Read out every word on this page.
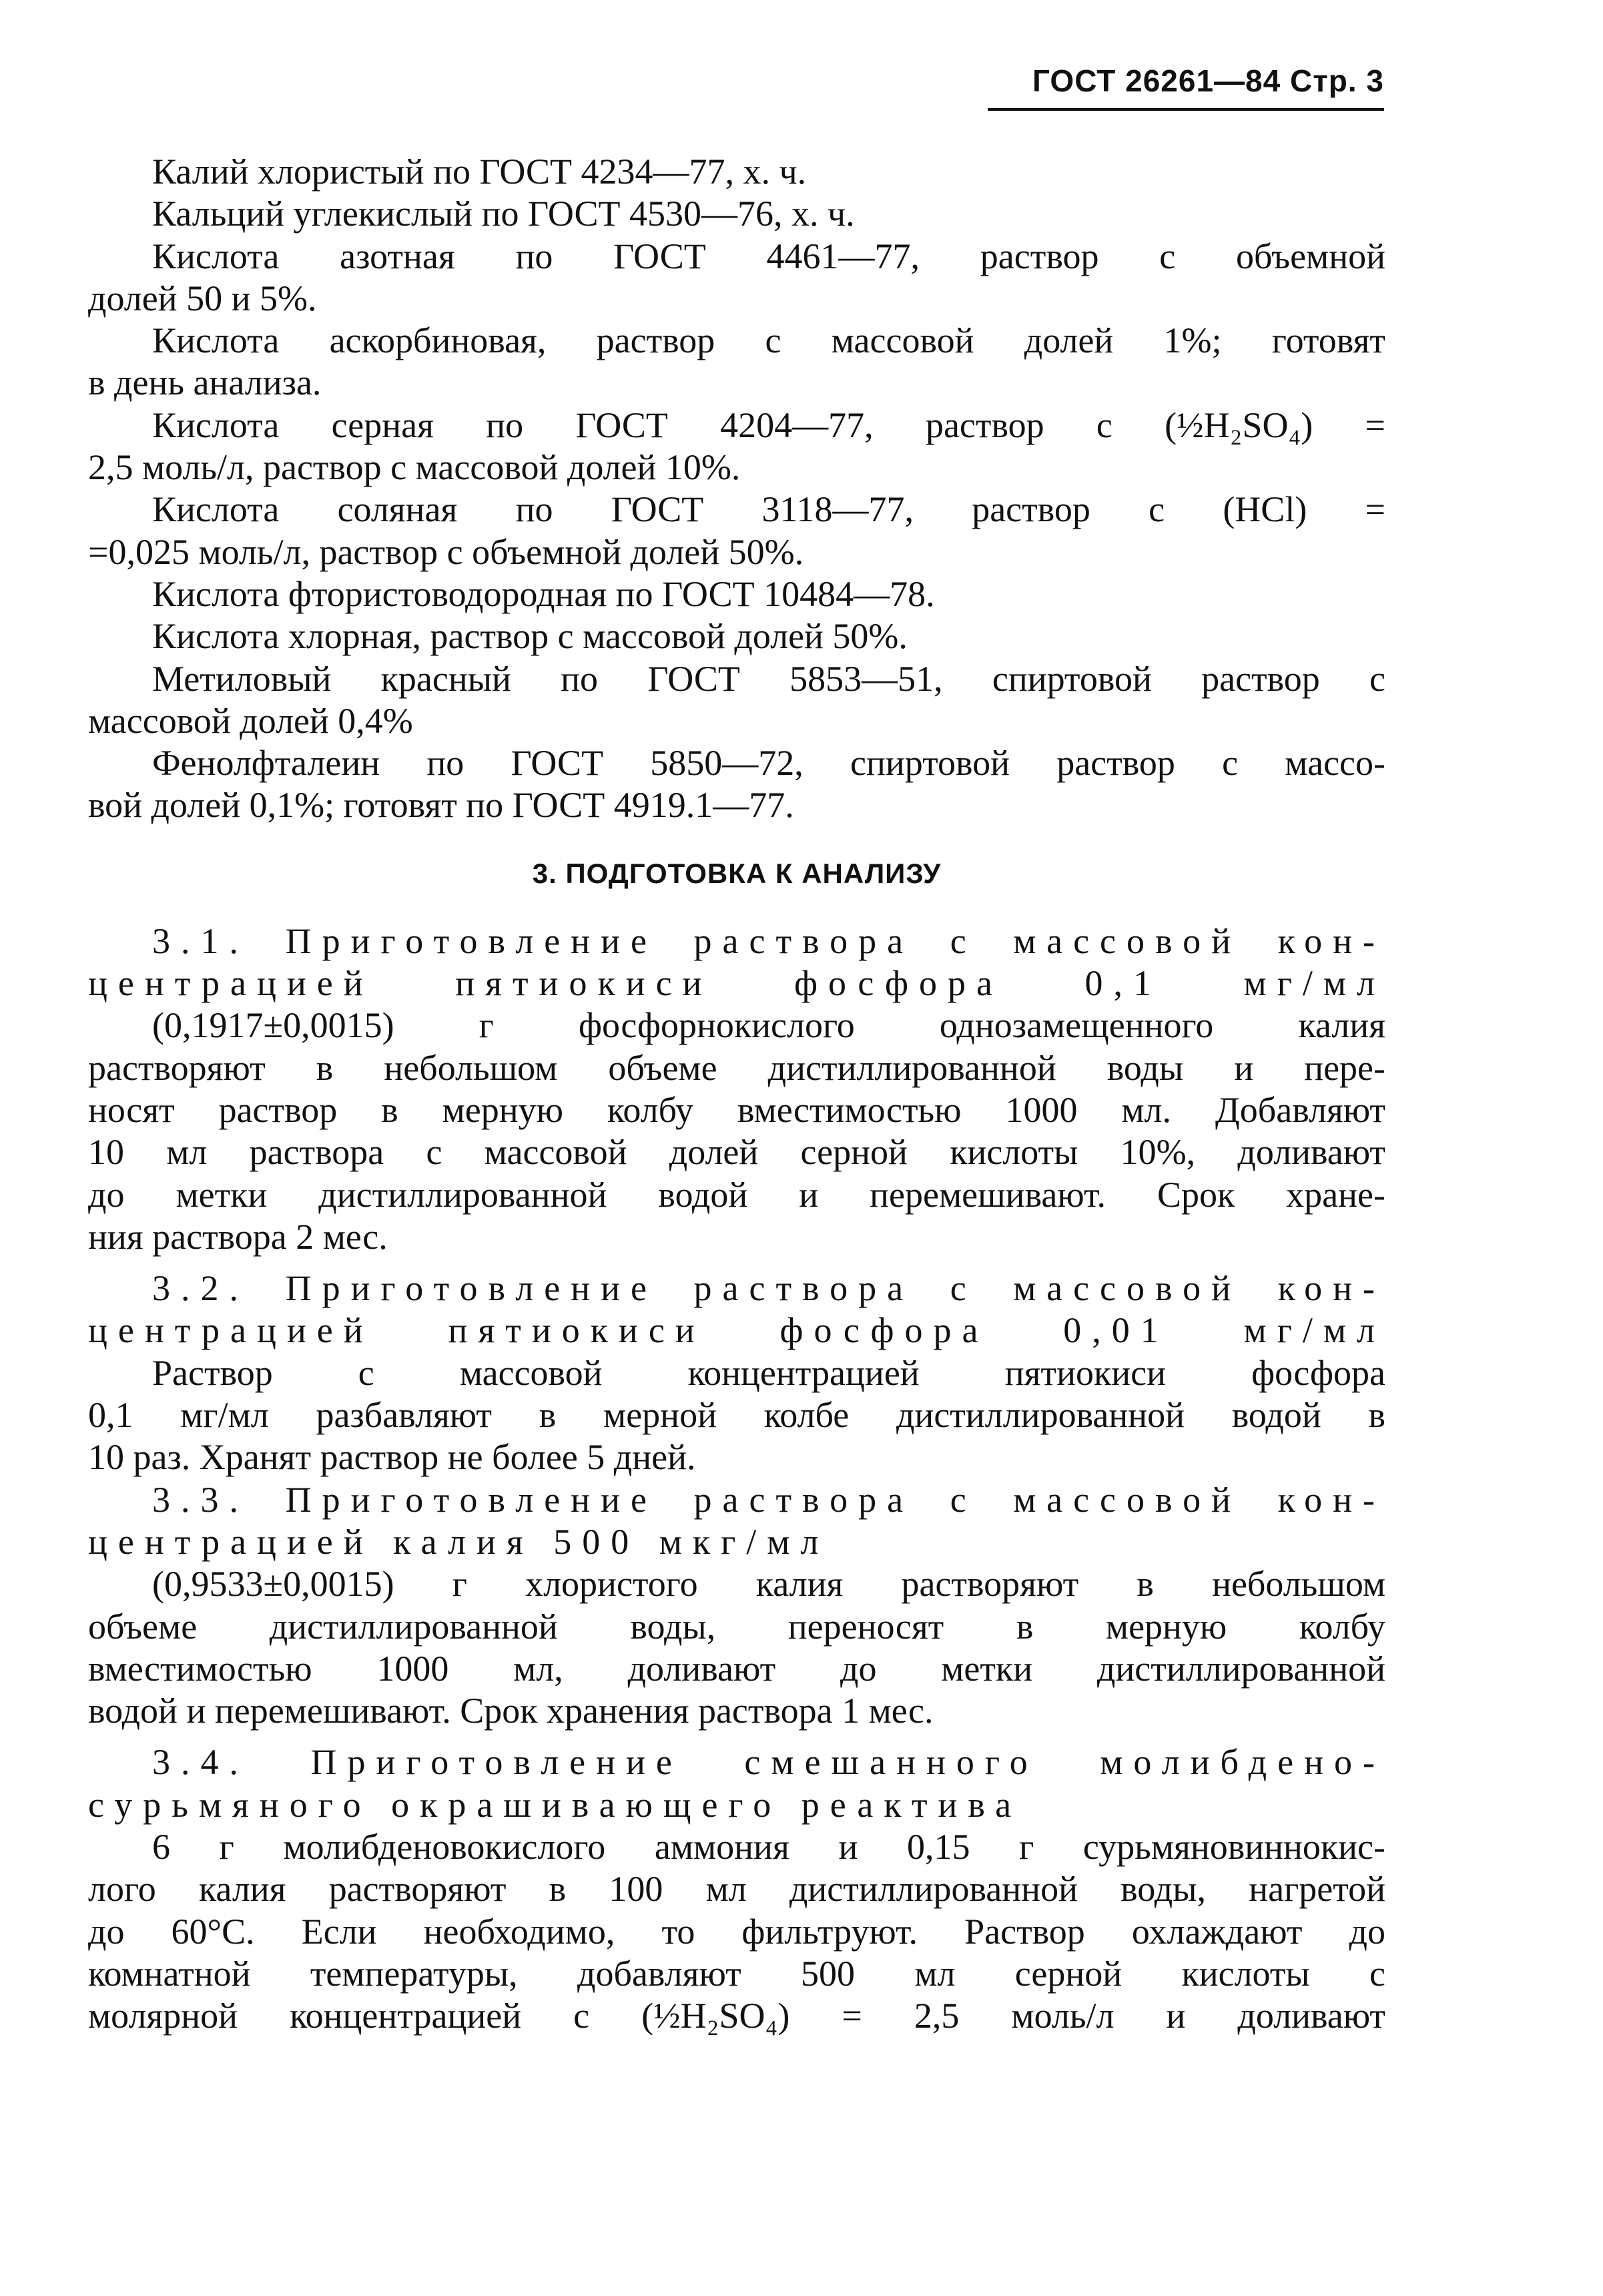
ГОСТ 26261—84 Стр. 3
Калий хлористый по ГОСТ 4234—77, х. ч.
Кальций углекислый по ГОСТ 4530—76, х. ч.
Кислота азотная по ГОСТ 4461—77, раствор с объемной
долей 50 и 5%.
Кислота аскорбиновая, раствор с массовой долей 1%; готовят
в день анализа.
Кислота серная по ГОСТ 4204—77, раствор c (½H₂SO₄) =
2,5 моль/л, раствор с массовой долей 10%.
Кислота соляная по ГОСТ 3118—77, раствор c (HCl) =
=0,025 моль/л, раствор с объемной долей 50%.
Кислота фтористоводородная по ГОСТ 10484—78.
Кислота хлорная, раствор с массовой долей 50%.
Метиловый красный по ГОСТ 5853—51, спиртовой раствор с
массовой долей 0,4%
Фенолфталеин по ГОСТ 5850—72, спиртовой раствор с массо-
вой долей 0,1%; готовят по ГОСТ 4919.1—77.
3. ПОДГОТОВКА К АНАЛИЗУ
3.1. Приготовление раствора с массовой кон-
центрацией пятиокиси фосфора 0,1 мг/мл
(0,1917±0,0015) г фосфорнокислого однозамещенного калия
растворяют в небольшом объеме дистиллированной воды и пере-
носят раствор в мерную колбу вместимостью 1000 мл. Добавляют
10 мл раствора с массовой долей серной кислоты 10%, доливают
до метки дистиллированной водой и перемешивают. Срок хране-
ния раствора 2 мес.
3.2. Приготовление раствора с массовой кон-
центрацией пятиокиси фосфора 0,01 мг/мл
Раствор с массовой концентрацией пятиокиси фосфора
0,1 мг/мл разбавляют в мерной колбе дистиллированной водой в
10 раз. Хранят раствор не более 5 дней.
3.3. Приготовление раствора с массовой кон-
центрацией калия 500 мкг/мл
(0,9533±0,0015) г хлористого калия растворяют в небольшом
объеме дистиллированной воды, переносят в мерную колбу
вместимостью 1000 мл, доливают до метки дистиллированной
водой и перемешивают. Срок хранения раствора 1 мес.
3.4. Приготовление смешанного молибдено-
сурьмяного окрашивающего реактива
6 г молибденовокислого аммония и 0,15 г сурьмяновиннокис-
лого калия растворяют в 100 мл дистиллированной воды, нагретой
до 60°С. Если необходимо, то фильтруют. Раствор охлаждают до
комнатной температуры, добавляют 500 мл серной кислоты с
молярной концентрацией c (½H₂SO₄) = 2,5 моль/л и доливают
